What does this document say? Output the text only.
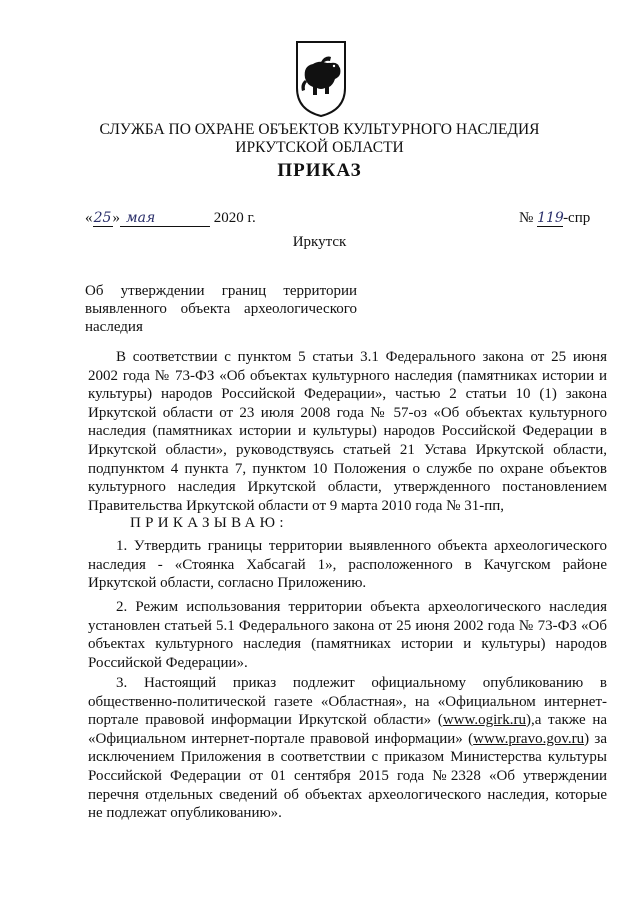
СЛУЖБА ПО ОХРАНЕ ОБЪЕКТОВ КУЛЬТУРНОГО НАСЛЕДИЯ
ИРКУТСКОЙ ОБЛАСТИ
ПРИКАЗ
«25» мая	2020 г.	№ 119-спр
Иркутск
Об утверждении границ территории выявленного объекта археологического наследия
В соответствии с пунктом 5 статьи 3.1 Федерального закона от 25 июня 2002 года № 73-ФЗ «Об объектах культурного наследия (памятниках истории и культуры) народов Российской Федерации», частью 2 статьи 10 (1) закона Иркутской области от 23 июля 2008 года № 57-оз «Об объектах культурного наследия (памятниках истории и культуры) народов Российской Федерации в Иркутской области», руководствуясь статьей 21 Устава Иркутской области, подпунктом 4 пункта 7, пунктом 10 Положения о службе по охране объектов культурного наследия Иркутской области, утвержденного постановлением Правительства Иркутской области от 9 марта 2010 года № 31-пп,
ПРИКАЗЫВАЮ:
1. Утвердить границы территории выявленного объекта археологического наследия - «Стоянка Хабсагай 1», расположенного в Качугском районе Иркутской области, согласно Приложению.
2. Режим использования территории объекта археологического наследия установлен статьей 5.1 Федерального закона от 25 июня 2002 года № 73-ФЗ «Об объектах культурного наследия (памятниках истории и культуры) народов Российской Федерации».
3. Настоящий приказ подлежит официальному опубликованию в общественно-политической газете «Областная», на «Официальном интернет-портале правовой информации Иркутской области» (www.ogirk.ru),а также на «Официальном интернет-портале правовой информации» (www.pravo.gov.ru) за исключением Приложения в соответствии с приказом Министерства культуры Российской Федерации от 01 сентября 2015 года №2328 «Об утверждении перечня отдельных сведений об объектах археологического наследия, которые не подлежат опубликованию».
